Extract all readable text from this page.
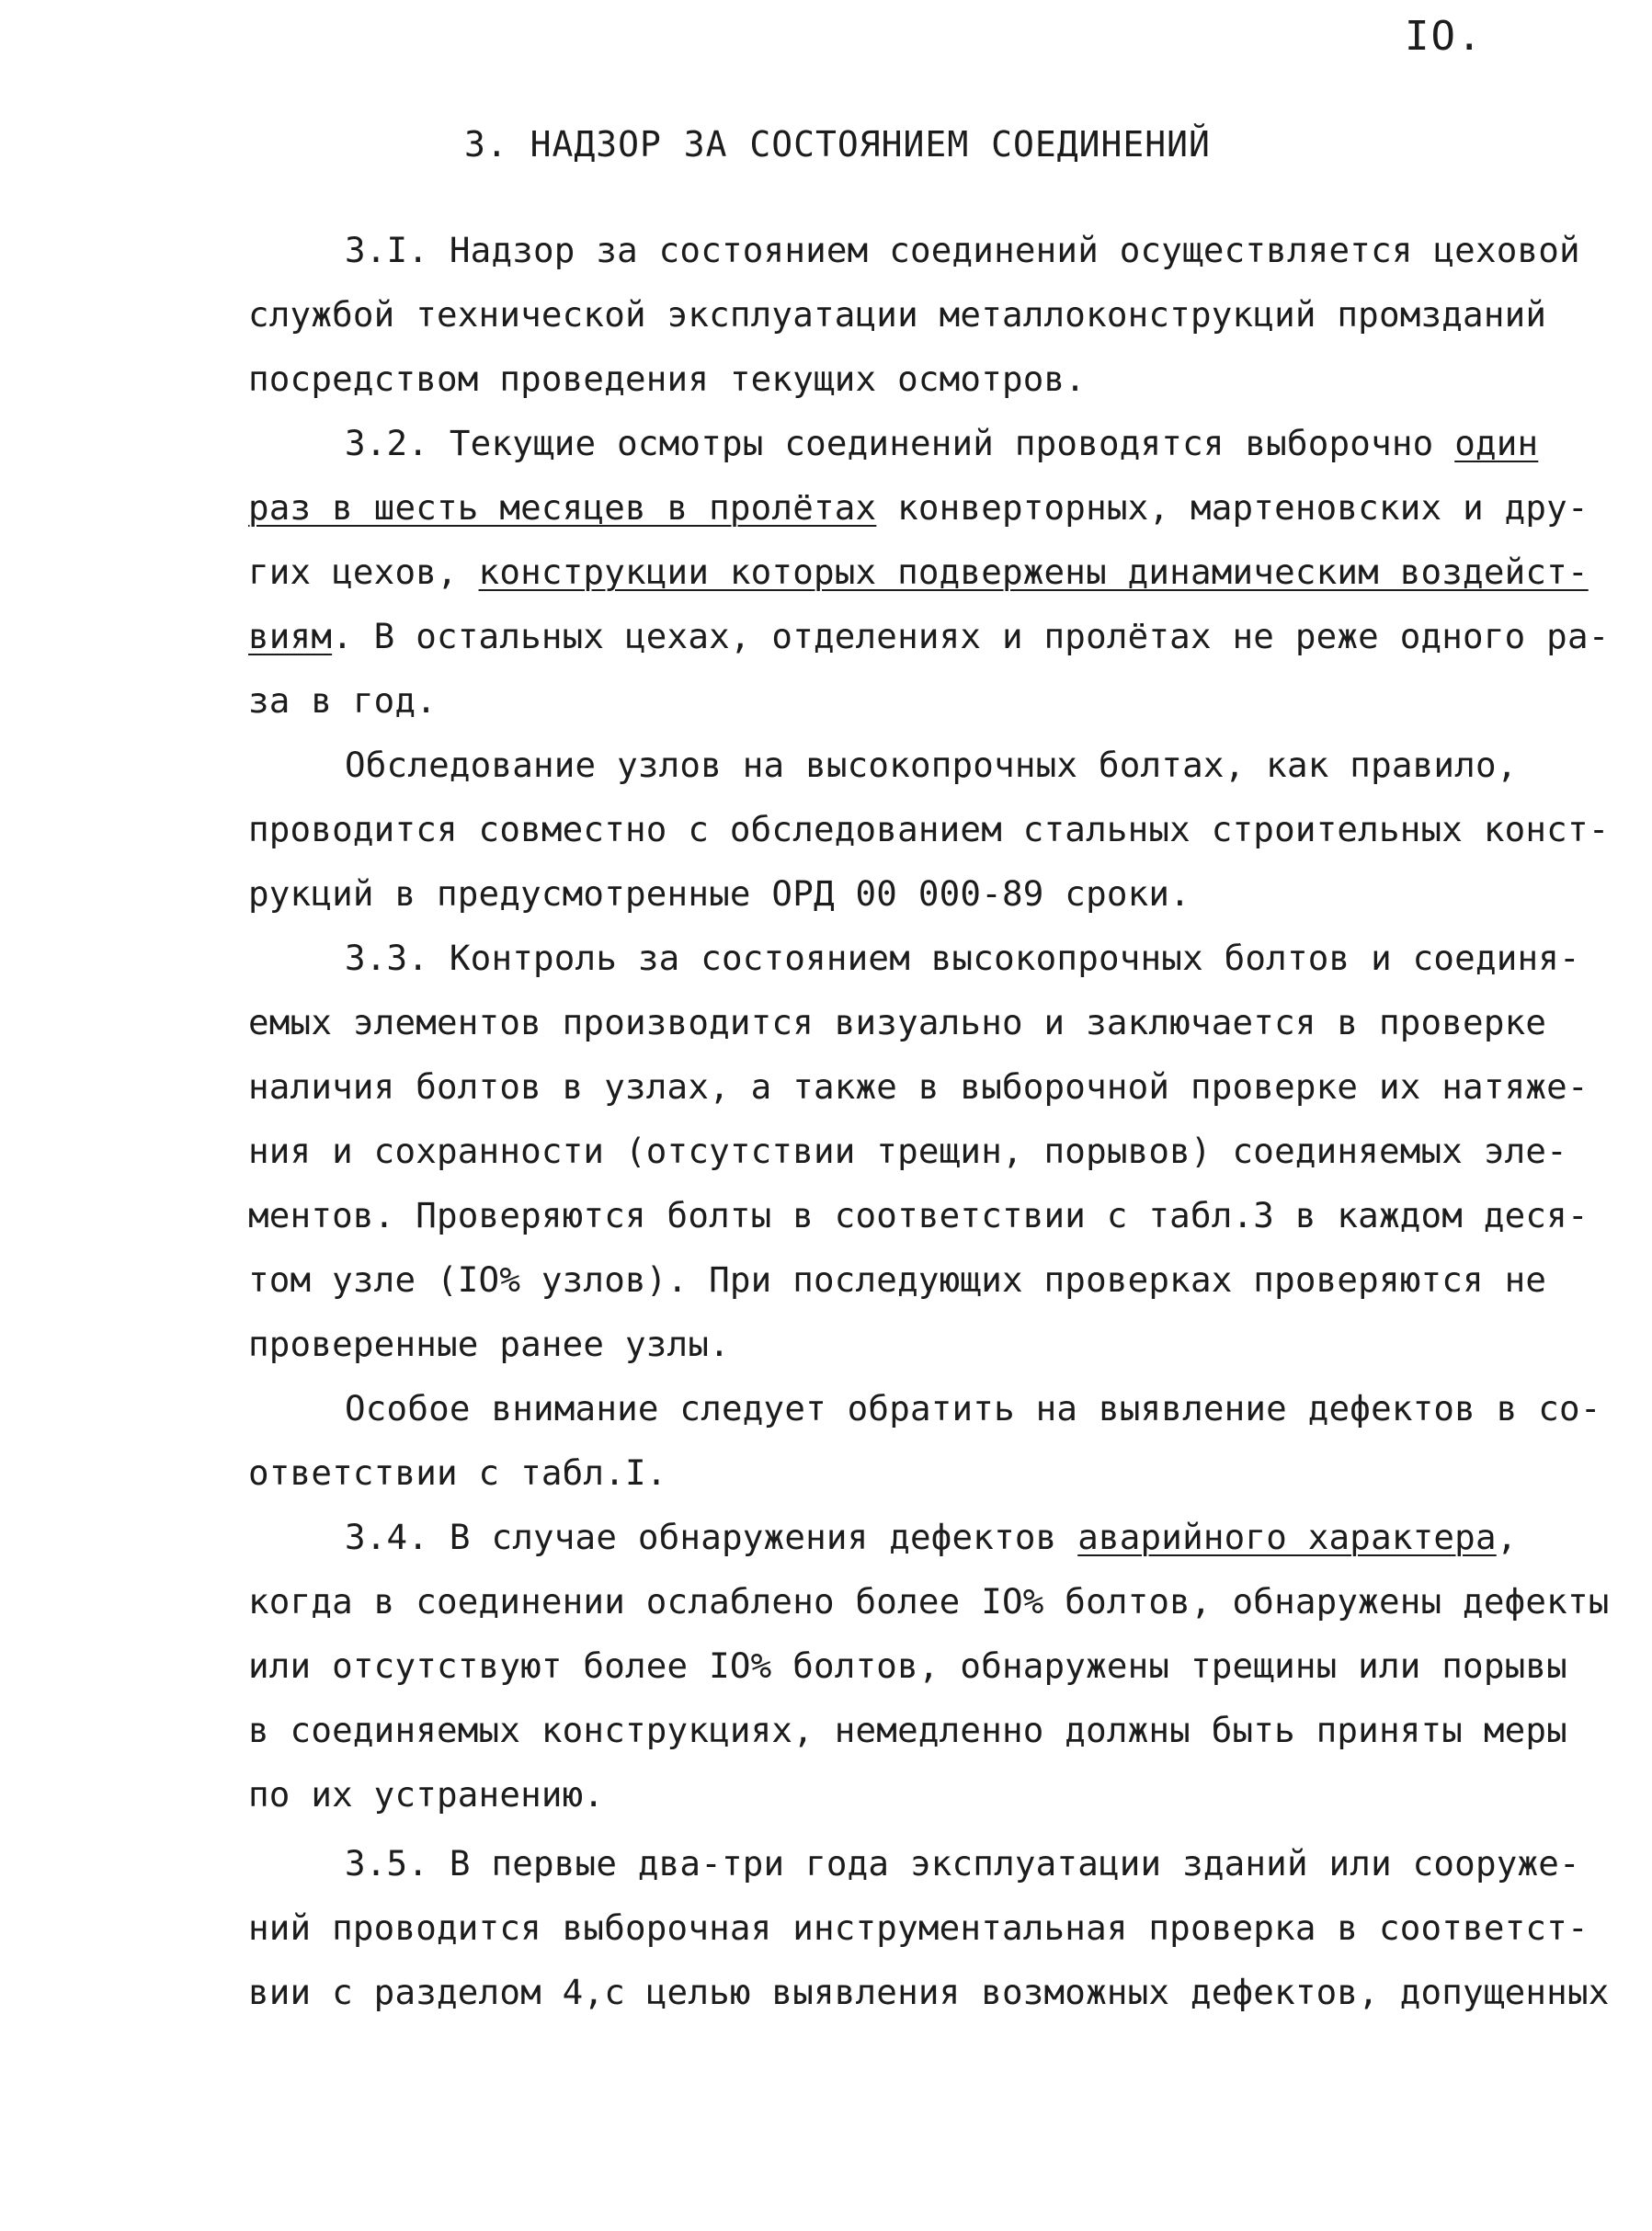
IO.
3. НАДЗОР ЗА СОСТОЯНИЕМ СОЕДИНЕНИЙ
3.I. Надзор за состоянием соединений осуществляется цеховой
службой технической эксплуатации металлоконструкций промзданий
посредством проведения текущих осмотров.
3.2. Текущие осмотры соединений проводятся выборочно один
раз в шесть месяцев в пролётах конверторных, мартеновских и дру-
гих цехов, конструкции которых подвержены динамическим воздейст-
виям. В остальных цехах, отделениях и пролётах не реже одного ра-
за в год.
Обследование узлов на высокопрочных болтах, как правило,
проводится совместно с обследованием стальных строительных конст-
рукций в предусмотренные ОРД 00 000-89 сроки.
3.3. Контроль за состоянием высокопрочных болтов и соединя-
емых элементов производится визуально и заключается в проверке
наличия болтов в узлах, а также в выборочной проверке их натяже-
ния и сохранности (отсутствии трещин, порывов) соединяемых эле-
ментов. Проверяются болты в соответствии с табл.3 в каждом деся-
том узле (IO% узлов). При последующих проверках проверяются не
проверенные ранее узлы.
Особое внимание следует обратить на выявление дефектов в со-
ответствии с табл.I.
3.4. В случае обнаружения дефектов аварийного характера,
когда в соединении ослаблено более IO% болтов, обнаружены дефекты
или отсутствуют более IO% болтов, обнаружены трещины или порывы
в соединяемых конструкциях, немедленно должны быть приняты меры
по их устранению.
3.5. В первые два-три года эксплуатации зданий или сооруже-
ний проводится выборочная инструментальная проверка в соответст-
вии с разделом 4,с целью выявления возможных дефектов, допущенных
